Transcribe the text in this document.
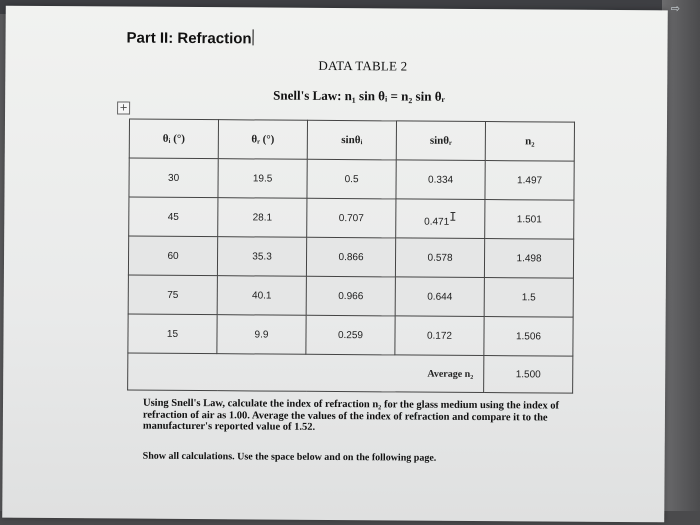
⇨
Part II: Refraction
DATA TABLE 2
Snell's Law: n₁ sin θᵢ = n₂ sin θᵣ
+
θᵢ (°)	θᵣ (°)	sinθᵢ	sinθᵣ	n₂
30	19.5	0.5	0.334	1.497
45	28.1	0.707	0.471I	1.501
60	35.3	0.866	0.578	1.498
75	40.1	0.966	0.644	1.5
15	9.9	0.259	0.172	1.506
Average n₂				1.500
Using Snell's Law, calculate the index of refraction n₂ for the glass medium using the index of refraction of air as 1.00. Average the values of the index of refraction and compare it to the manufacturer's reported value of 1.52.
Show all calculations. Use the space below and on the following page.
